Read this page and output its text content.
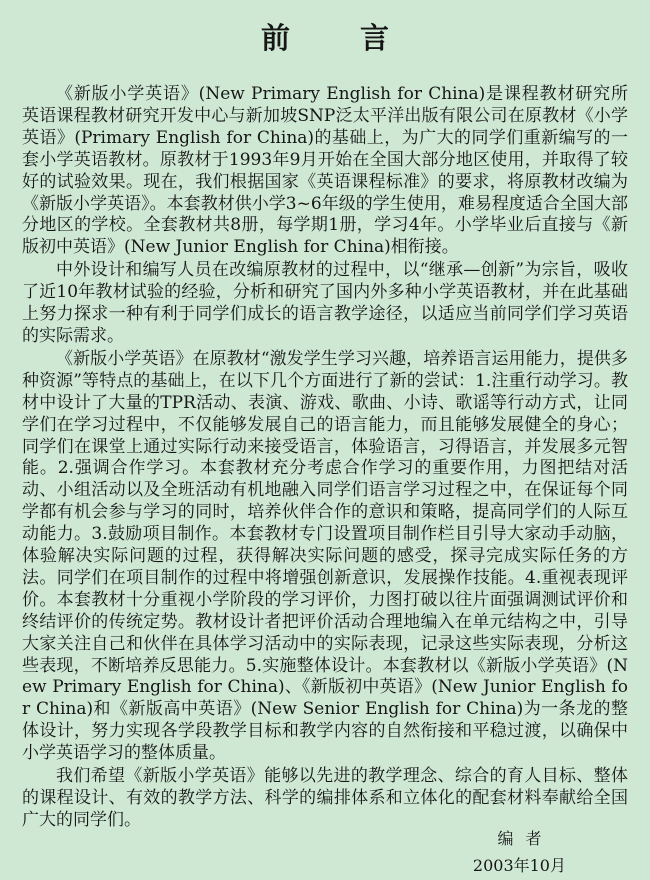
前 言

《新版小学英语》(New Primary English for China)是课程教材研究所英语课程教材研究开发中心与新加坡SNP泛太平洋出版有限公司在原教材《小学英语》(Primary English for China)的基础上，为广大的同学们重新编写的一套小学英语教材。原教材于1993年9月开始在全国大部分地区使用，并取得了较好的试验效果。现在，我们根据国家《英语课程标准》的要求，将原教材改编为《新版小学英语》。本套教材供小学3~6年级的学生使用，难易程度适合全国大部分地区的学校。全套教材共8册，每学期1册，学习4年。小学毕业后直接与《新版初中英语》(New Junior English for China)相衔接。

中外设计和编写人员在改编原教材的过程中，以“继承—创新”为宗旨，吸收了近10年教材试验的经验，分析和研究了国内外多种小学英语教材，并在此基础上努力探求一种有利于同学们成长的语言教学途径，以适应当前同学们学习英语的实际需求。

《新版小学英语》在原教材“激发学生学习兴趣，培养语言运用能力，提供多种资源”等特点的基础上，在以下几个方面进行了新的尝试：1.注重行动学习。教材中设计了大量的TPR活动、表演、游戏、歌曲、小诗、歌谣等行动方式，让同学们在学习过程中，不仅能够发展自己的语言能力，而且能够发展健全的身心；同学们在课堂上通过实际行动来接受语言，体验语言，习得语言，并发展多元智能。2.强调合作学习。本套教材充分考虑合作学习的重要作用，力图把结对活动、小组活动以及全班活动有机地融入同学们语言学习过程之中，在保证每个同学都有机会参与学习的同时，培养伙伴合作的意识和策略，提高同学们的人际互动能力。3.鼓励项目制作。本套教材专门设置项目制作栏目引导大家动手动脑，体验解决实际问题的过程，获得解决实际问题的感受，探寻完成实际任务的方法。同学们在项目制作的过程中将增强创新意识，发展操作技能。4.重视表现评价。本套教材十分重视小学阶段的学习评价，力图打破以往片面强调测试评价和终结评价的传统定势。教材设计者把评价活动合理地编入在单元结构之中，引导大家关注自己和伙伴在具体学习活动中的实际表现，记录这些实际表现，分析这些表现，不断培养反思能力。5.实施整体设计。本套教材以《新版小学英语》(New Primary English for China)、《新版初中英语》(New Junior English for China)和《新版高中英语》(New Senior English for China)为一条龙的整体设计，努力实现各学段教学目标和教学内容的自然衔接和平稳过渡，以确保中小学英语学习的整体质量。

我们希望《新版小学英语》能够以先进的教学理念、综合的育人目标、整体的课程设计、有效的教学方法、科学的编排体系和立体化的配套材料奉献给全国广大的同学们。

编者
2003年10月
